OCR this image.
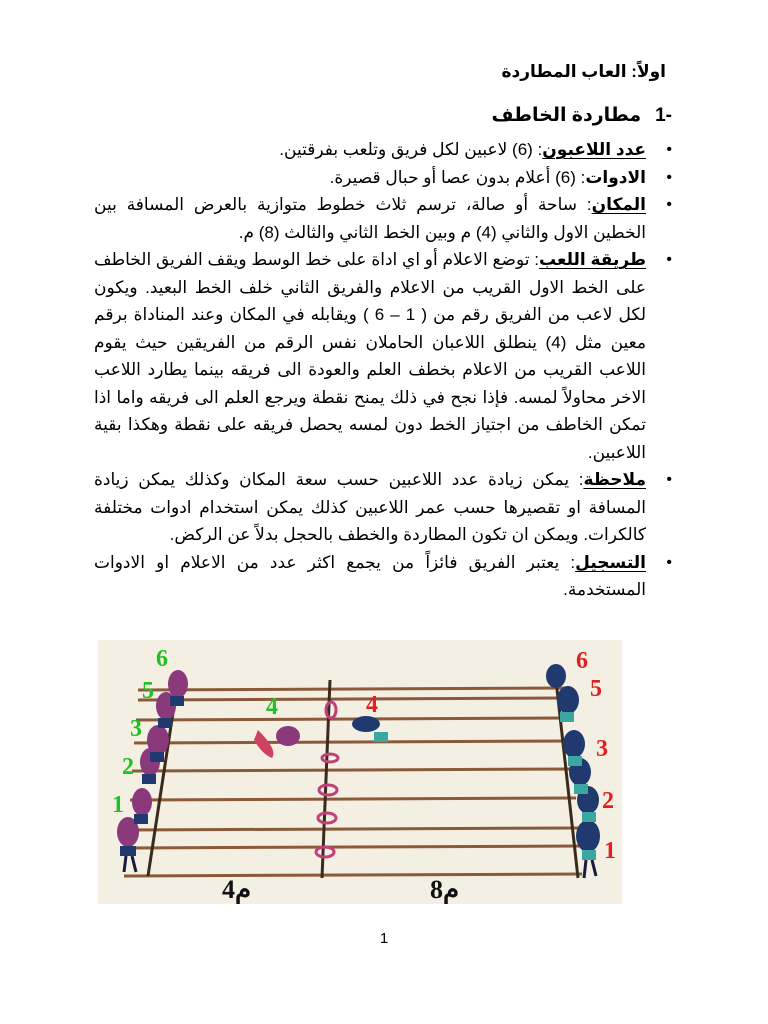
اولاً: العاب المطاردة
-1مطاردة الخاطف
• عدد اللاعبون: (6) لاعبين لكل فريق وتلعب بفرقتين.
• الادوات: (6) أعلام بدون عصا أو حبال قصيرة.
• المكان: ساحة أو صالة، ترسم ثلاث خطوط متوازية بالعرض المسافة بين الخطين الاول والثاني (4) م وبين الخط الثاني والثالث (8) م.
• طريقة اللعب: توضع الاعلام أو اي اداة على خط الوسط ويقف الفريق الخاطف على الخط الاول القريب من الاعلام والفريق الثاني خلف الخط البعيد. ويكون لكل لاعب من الفريق رقم من ( 1 – 6 ) ويقابله في المكان وعند المناداة برقم معين مثل (4) ينطلق اللاعبان الحاملان نفس الرقم من الفريقين حيث يقوم اللاعب القريب من الاعلام بخطف العلم والعودة الى فريقه بينما يطارد اللاعب الاخر محاولاً لمسه. فإذا نجح في ذلك يمنح نقطة ويرجع العلم الى فريقه واما اذا تمكن الخاطف من اجتياز الخط دون لمسه يحصل فريقه على نقطة وهكذا بقية اللاعبين.
• ملاحظة: يمكن زيادة عدد اللاعبين حسب سعة المكان وكذلك يمكن زيادة المسافة او تقصيرها حسب عمر اللاعبين كذلك يمكن استخدام ادوات مختلفة كالكرات. ويمكن ان تكون المطاردة والخطف بالحجل بدلاً عن الركض.
• التسجيل: يعتبر الفريق فائزاً من يجمع اكثر عدد من الاعلام او الادوات المستخدمة.
6
5
4
3
2
1
6
5
4
3
2
1
4م	8م
1
